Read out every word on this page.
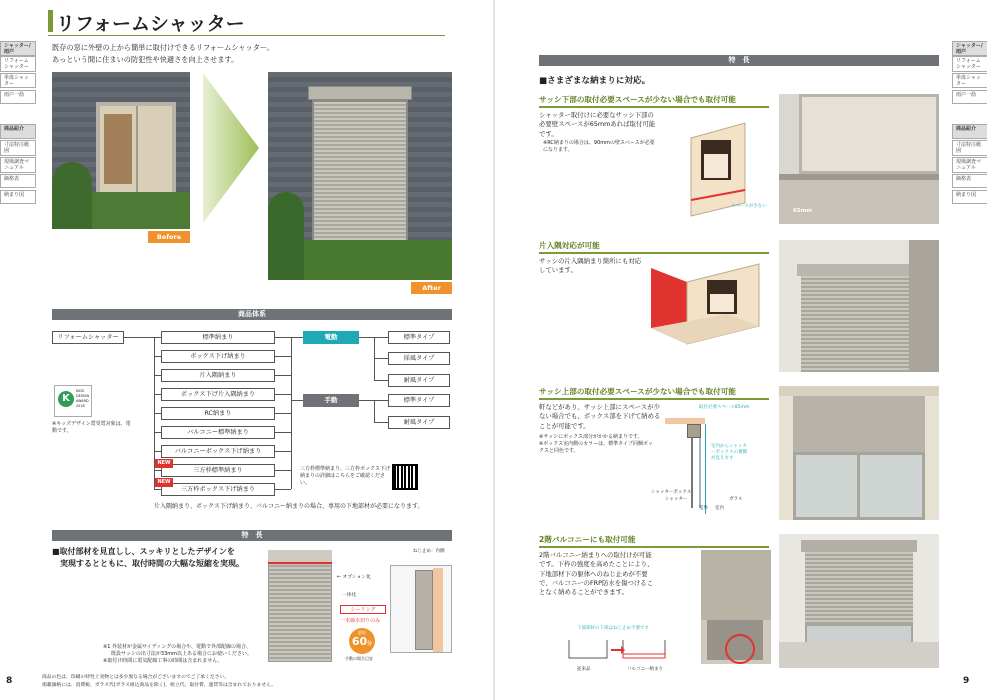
リフォームシャッター
既存の窓に外壁の上から簡単に取付けできるリフォームシャッター。
あっという間に住まいの防犯性や快適さを向上させます。
シャッター/雨戸
リフォームシャッター
単体シャッター
雨戸一筋
商品紹介
寸法特注範囲
現場調査マニュアル
価格表
納まり図
Before
After
商品体系
リフォームシャッター	標準納まり
ボックス下げ納まり
片入隅納まり
ボックス下げ片入隅納まり
RC納まり
バルコニー標準納まり
バルコニーボックス下げ納まり
三方枠標準納まり
三方枠ボックス下げ納まり
NEW
NEW
電動
手動
標準タイプ
採風タイプ
耐風タイプ
標準タイプ
耐風タイプ
K
KIDS
DESIGN
AWARD
2018
※キッズデザイン賞受賞対象は、電動です。
三方枠標準納まり、三方枠ボックス下げ納まりの詳細はこちらをご確認ください。
片入隅納まり、ボックス下げ納まり、バルコニー納まりの場合、専用の下地部材が必要になります。
特　長
■取付部材を見直しし、スッキリとしたデザインを
　実現するとともに、取付時間の大幅な短縮を実現。
← オプション化
一体化
シーリング
一本線水切りのみ
最短
60分
手動の場合目安
ねじ止め：内側
※1 外装材が金属サイディングの場合や、電動で外部配線の場合、
既設サッシの出寸法が33mm以上ある場合にお使いください。
※取付け時間に電気配線工事の時間は含まれません。
8	商品の色は、印刷の特性上実物とは多少異なる場合がございますのでご了承ください。
掲載価格には、消費税、ガラス代(ガラス組込商品を除く)、組立代、取付費、運賃等は含まれておりません。
特　長
■さまざまな納まりに対応。
シャッター/雨戸
リフォームシャッター
単体シャッター
雨戸一筋
商品紹介
寸法特注範囲
現場調査マニュアル
価格表
納まり図
サッシ下部の取付必要スペースが少ない場合でも取付可能
シャッター取付けに必要なサッシ下部の必要壁スペースが65mmあれば取付可能です。
※RC納まりの場合は、90mmの壁スペースが必要になります。
スペースが少ない
65mm
片入隅対応が可能
サッシの片入隅納まり箇所にも対応しています。
サッシ上部の取付必要スペースが少ない場合でも取付可能
軒などがあり、サッシ上部にスペースが少ない場合でも、ボックス部を下げて納めることが可能です。
※サッシにボックス部分がかかる納まりです。
※ボックス室内側のカラーは、標準タイプ同梱ボックスと同色です。
取付必要スペース85mm
室内からシャッターボックスの裏側が見えます
シャッターボックス
シャッター	ガラス
室外 室内
2階バルコニーにも取付可能
2階バルコニー納まりへの取付けが可能です。下枠の強度を高めたことにより、下地部材下の躯体へのねじ止めが不要で、バルコニーのFRP防水を傷つけることなく納めることができます。
下部部材の下部はねじ止め不要です
従来品	バルコニー納まり
9
